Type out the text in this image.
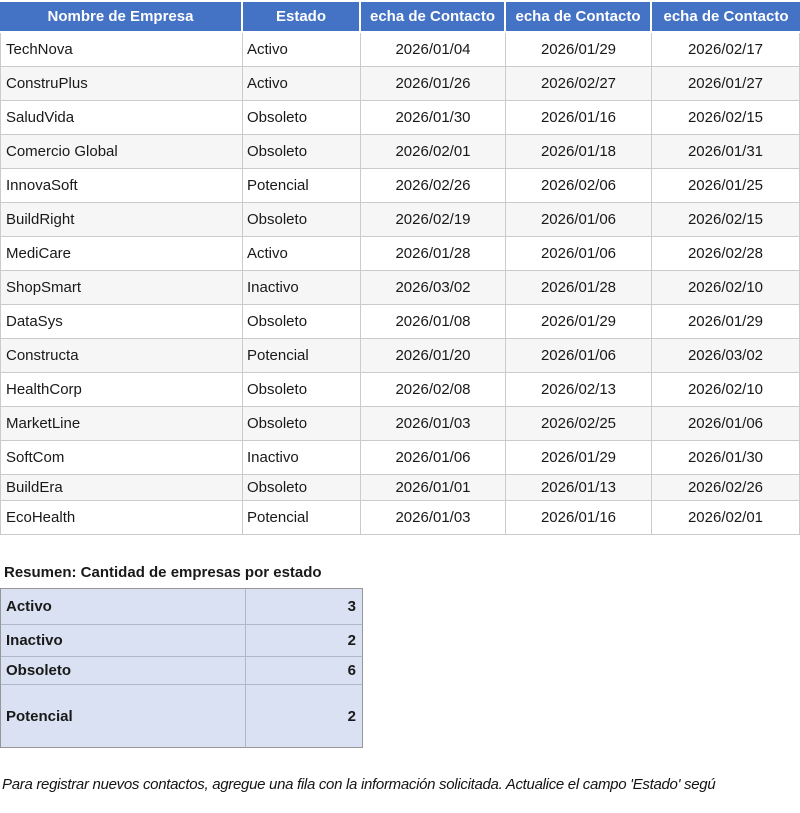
Nombre de Empresa	Estado	echa de Contacto	echa de Contacto	echa de Contacto
TechNova	Activo	2026/01/04	2026/01/29	2026/02/17
ConstruPlus	Activo	2026/01/26	2026/02/27	2026/01/27
SaludVida	Obsoleto	2026/01/30	2026/01/16	2026/02/15
Comercio Global	Obsoleto	2026/02/01	2026/01/18	2026/01/31
InnovaSoft	Potencial	2026/02/26	2026/02/06	2026/01/25
BuildRight	Obsoleto	2026/02/19	2026/01/06	2026/02/15
MediCare	Activo	2026/01/28	2026/01/06	2026/02/28
ShopSmart	Inactivo	2026/03/02	2026/01/28	2026/02/10
DataSys	Obsoleto	2026/01/08	2026/01/29	2026/01/29
Constructa	Potencial	2026/01/20	2026/01/06	2026/03/02
HealthCorp	Obsoleto	2026/02/08	2026/02/13	2026/02/10
MarketLine	Obsoleto	2026/01/03	2026/02/25	2026/01/06
SoftCom	Inactivo	2026/01/06	2026/01/29	2026/01/30
BuildEra	Obsoleto	2026/01/01	2026/01/13	2026/02/26
EcoHealth	Potencial	2026/01/03	2026/01/16	2026/02/01
Resumen: Cantidad de empresas por estado
Activo	3
Inactivo	2
Obsoleto	6
Potencial	2
Para registrar nuevos contactos, agregue una fila con la información solicitada. Actualice el campo 'Estado' segú
